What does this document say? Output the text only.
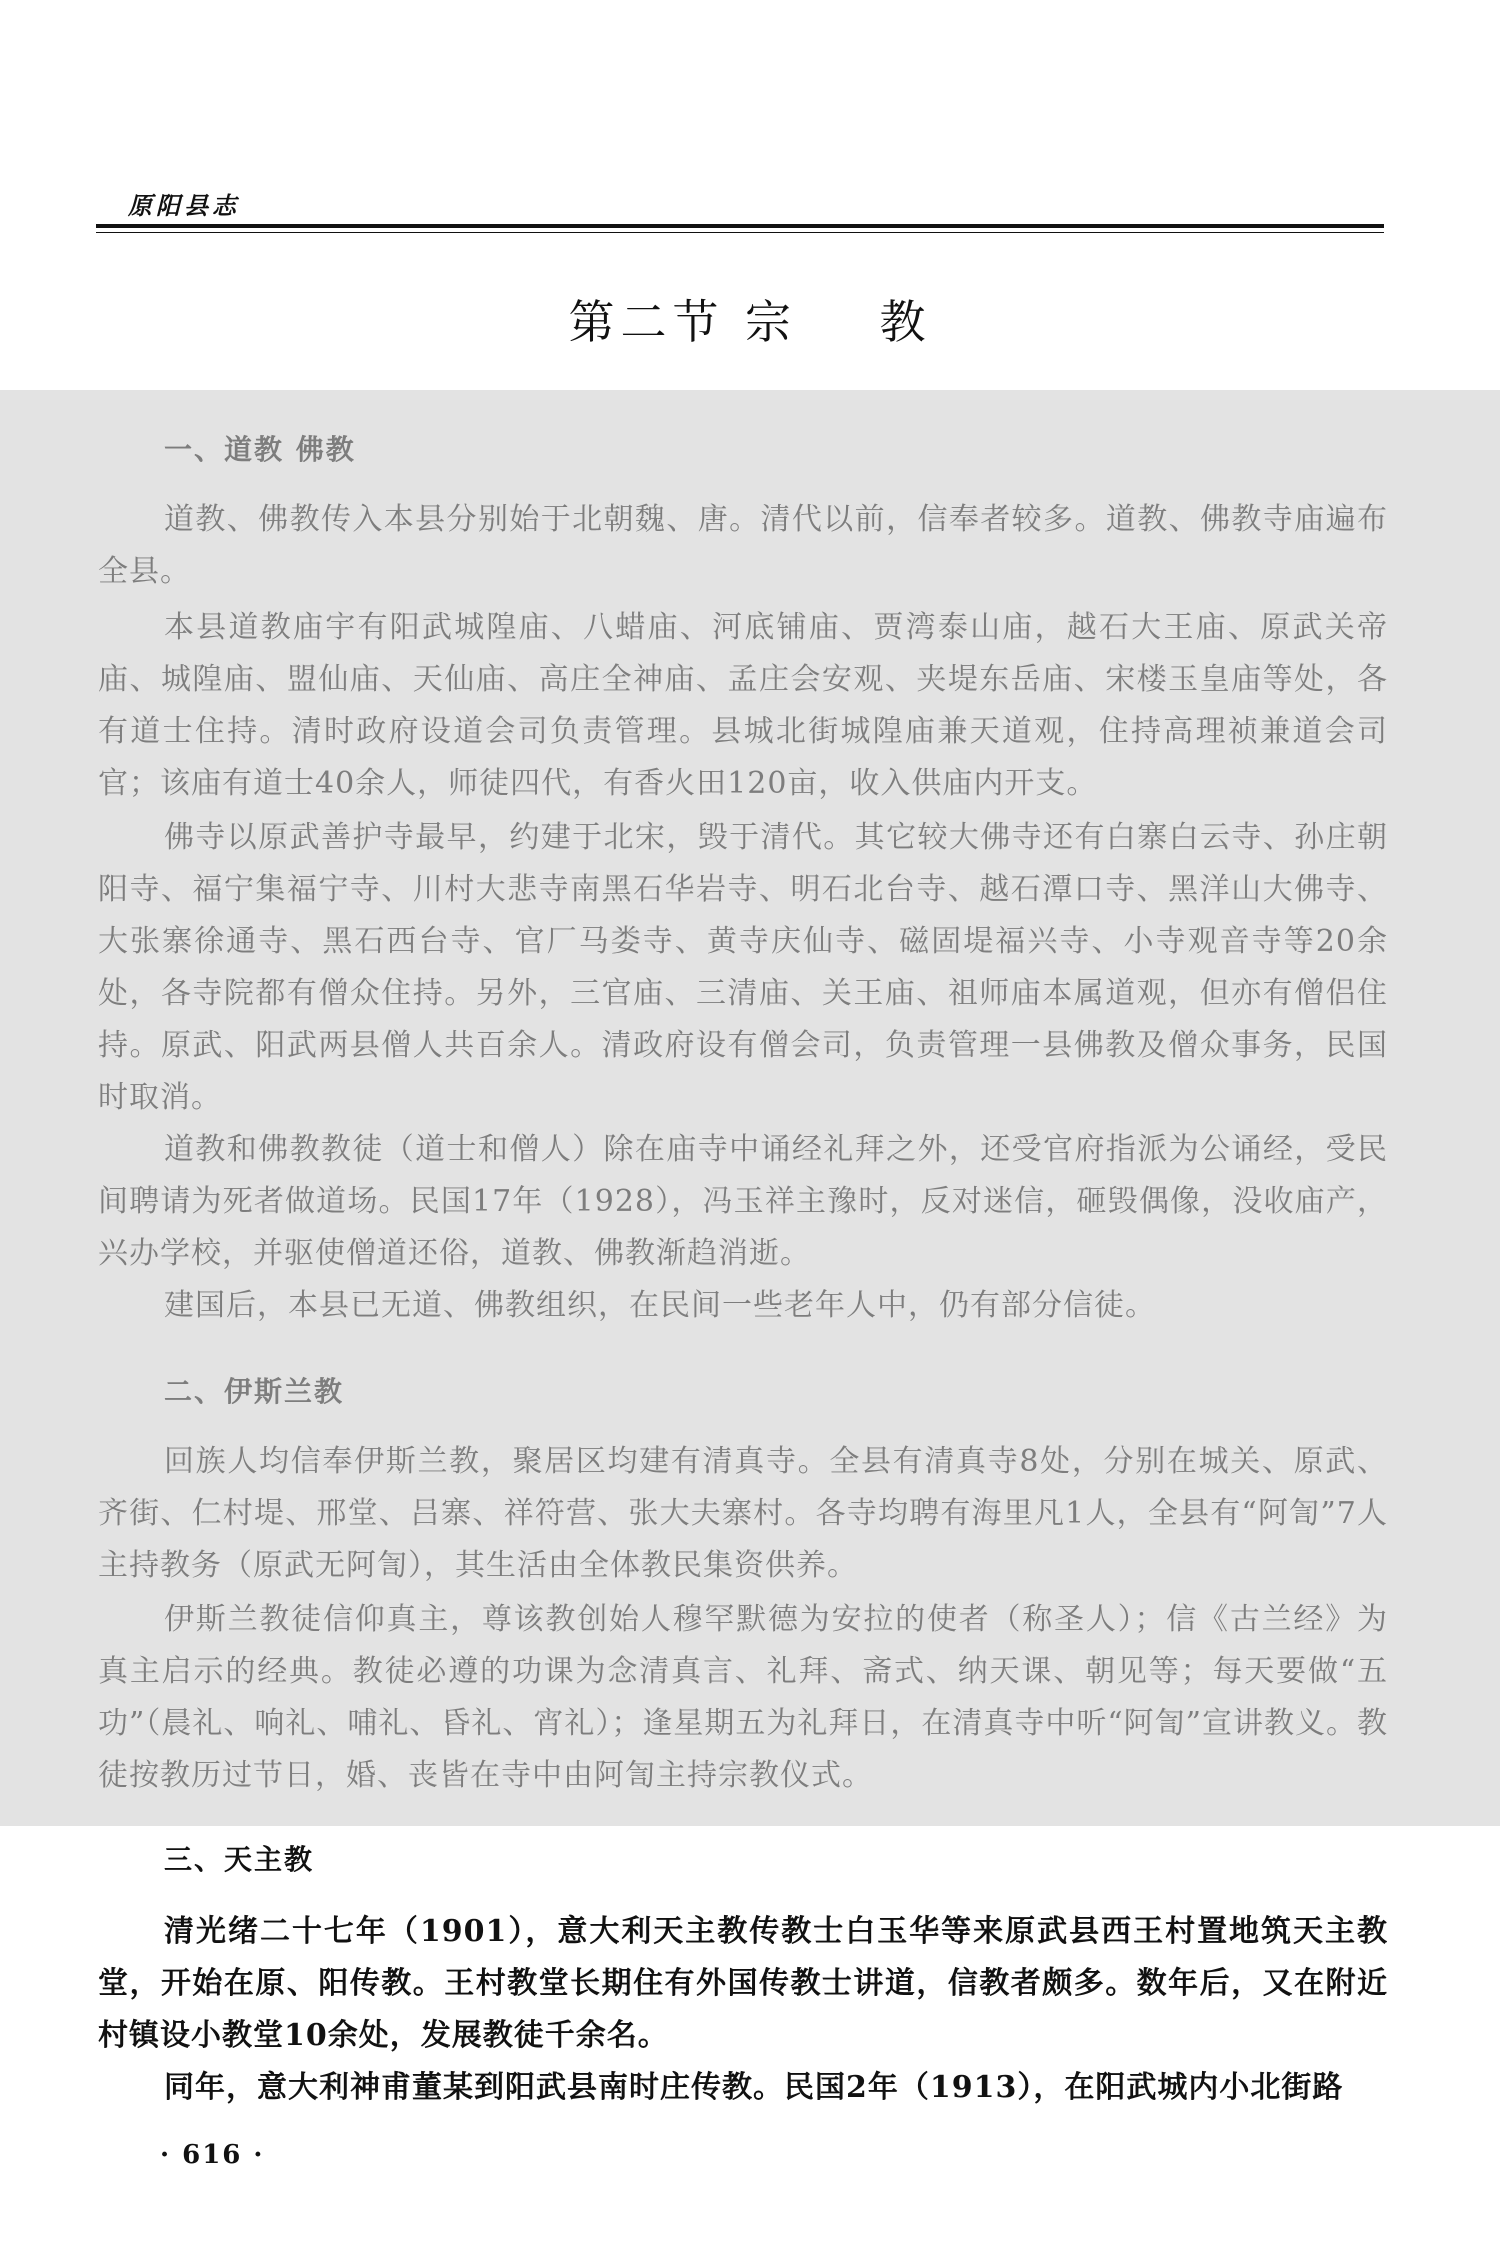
原阳县志
第二节 宗    教
一、道教 佛教

道教、佛教传入本县分别始于北朝魏、唐。清代以前，信奉者较多。道教、佛教寺庙遍布全县。

本县道教庙宇有阳武城隍庙、八蜡庙、河底铺庙、贾湾泰山庙，越石大王庙、原武关帝庙、城隍庙、盟仙庙、天仙庙、高庄全神庙、孟庄会安观、夹堤东岳庙、宋楼玉皇庙等处，各有道士住持。清时政府设道会司负责管理。县城北街城隍庙兼天道观，住持高理祯兼道会司官；该庙有道士40余人，师徒四代，有香火田120亩，收入供庙内开支。

佛寺以原武善护寺最早，约建于北宋，毁于清代。其它较大佛寺还有白寨白云寺、孙庄朝阳寺、福宁集福宁寺、川村大悲寺南黑石华岩寺、明石北台寺、越石潭口寺、黑洋山大佛寺、大张寨徐通寺、黑石西台寺、官厂马娄寺、黄寺庆仙寺、磁固堤福兴寺、小寺观音寺等20余处，各寺院都有僧众住持。另外，三官庙、三清庙、关王庙、祖师庙本属道观，但亦有僧侣住持。原武、阳武两县僧人共百余人。清政府设有僧会司，负责管理一县佛教及僧众事务，民国时取消。

道教和佛教教徒（道士和僧人）除在庙寺中诵经礼拜之外，还受官府指派为公诵经，受民间聘请为死者做道场。民国17年（1928），冯玉祥主豫时，反对迷信，砸毁偶像，没收庙产，兴办学校，并驱使僧道还俗，道教、佛教渐趋消逝。

建国后，本县已无道、佛教组织，在民间一些老年人中，仍有部分信徒。

二、伊斯兰教

回族人均信奉伊斯兰教，聚居区均建有清真寺。全县有清真寺8处，分别在城关、原武、齐街、仁村堤、邢堂、吕寨、祥符营、张大夫寨村。各寺均聘有海里凡1人，全县有“阿訇”7人主持教务（原武无阿訇），其生活由全体教民集资供养。

伊斯兰教徒信仰真主，尊该教创始人穆罕默德为安拉的使者（称圣人）；信《古兰经》为真主启示的经典。教徒必遵的功课为念清真言、礼拜、斋式、纳天课、朝见等；每天要做“五功”（晨礼、响礼、哺礼、昏礼、宵礼）；逢星期五为礼拜日，在清真寺中听“阿訇”宣讲教义。教徒按教历过节日，婚、丧皆在寺中由阿訇主持宗教仪式。

三、天主教

清光绪二十七年（1901），意大利天主教传教士白玉华等来原武县西王村置地筑天主教堂，开始在原、阳传教。王村教堂长期住有外国传教士讲道，信教者颇多。数年后，又在附近村镇设小教堂10余处，发展教徒千余名。

同年，意大利神甫董某到阳武县南时庄传教。民国2年（1913），在阳武城内小北街路

· 616 ·
